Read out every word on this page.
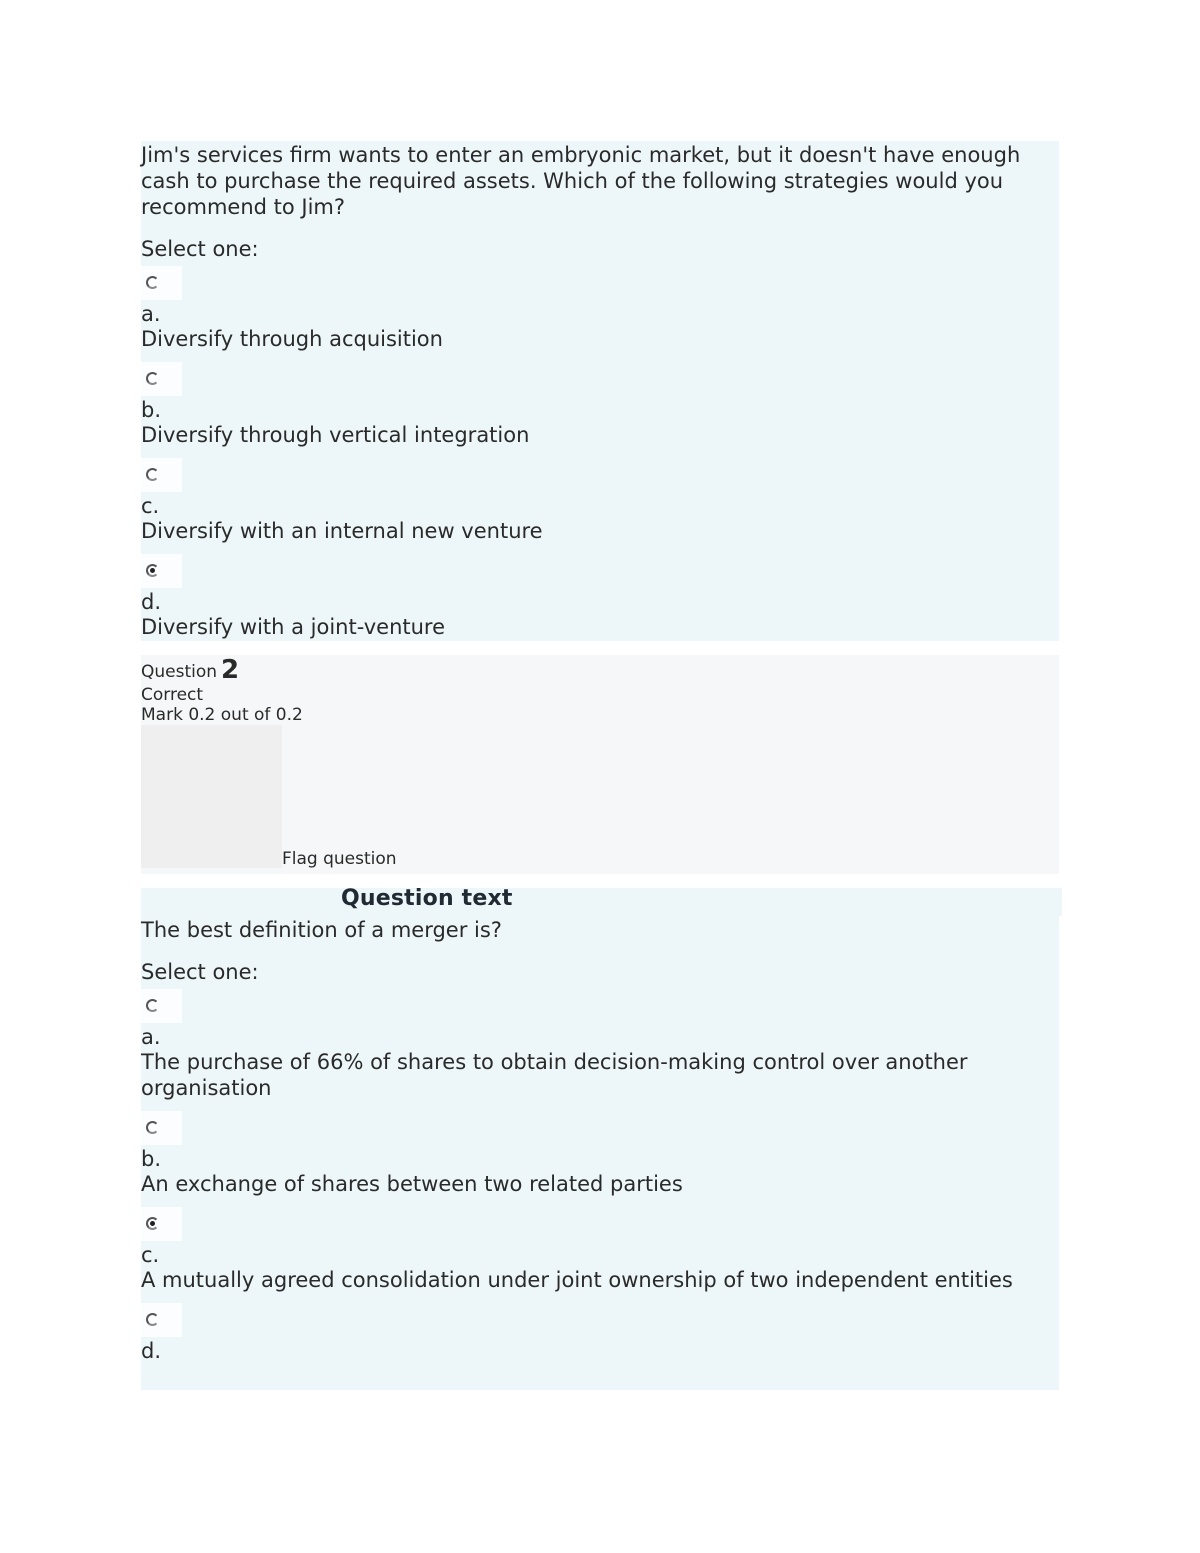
Jim's services firm wants to enter an embryonic market, but it doesn't have enough cash to purchase the required assets. Which of the following strategies would you recommend to Jim?

Select one:
a.
Diversify through acquisition
b.
Diversify through vertical integration
c.
Diversify with an internal new venture
d.
Diversify with a joint-venture
Question 2
Correct
Mark 0.2 out of 0.2
Flag question
Question text

The best definition of a merger is?

Select one:
a.
The purchase of 66% of shares to obtain decision-making control over another organisation
b.
An exchange of shares between two related parties
c.
A mutually agreed consolidation under joint ownership of two independent entities
d.
